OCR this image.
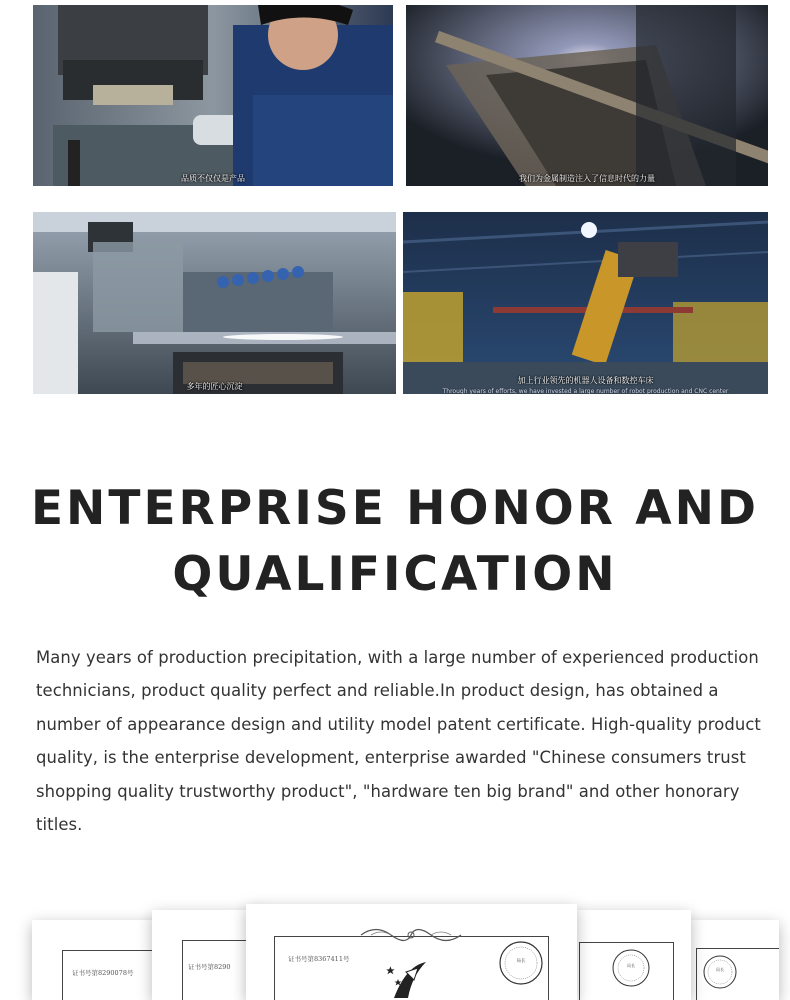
品质不仅仅是产品	我们为金属制造注入了信息时代的力量
多年的匠心沉淀
加上行业领先的机器人设备和数控车床
Through years of efforts, we have invested a large number of robot production and CNC center
ENTERPRISE HONOR AND
QUALIFICATION
Many years of production precipitation, with a large number of experienced production technicians, product quality perfect and reliable.In product design, has obtained a number of appearance design and utility model patent certificate. High-quality product quality, is the enterprise development, enterprise awarded "Chinese consumers trust shopping quality trustworthy product", "hardware ten big brand" and other honorary titles.
证书号第8290078号	局长
局长
证书号第8290
证书号第8367411号	局长
